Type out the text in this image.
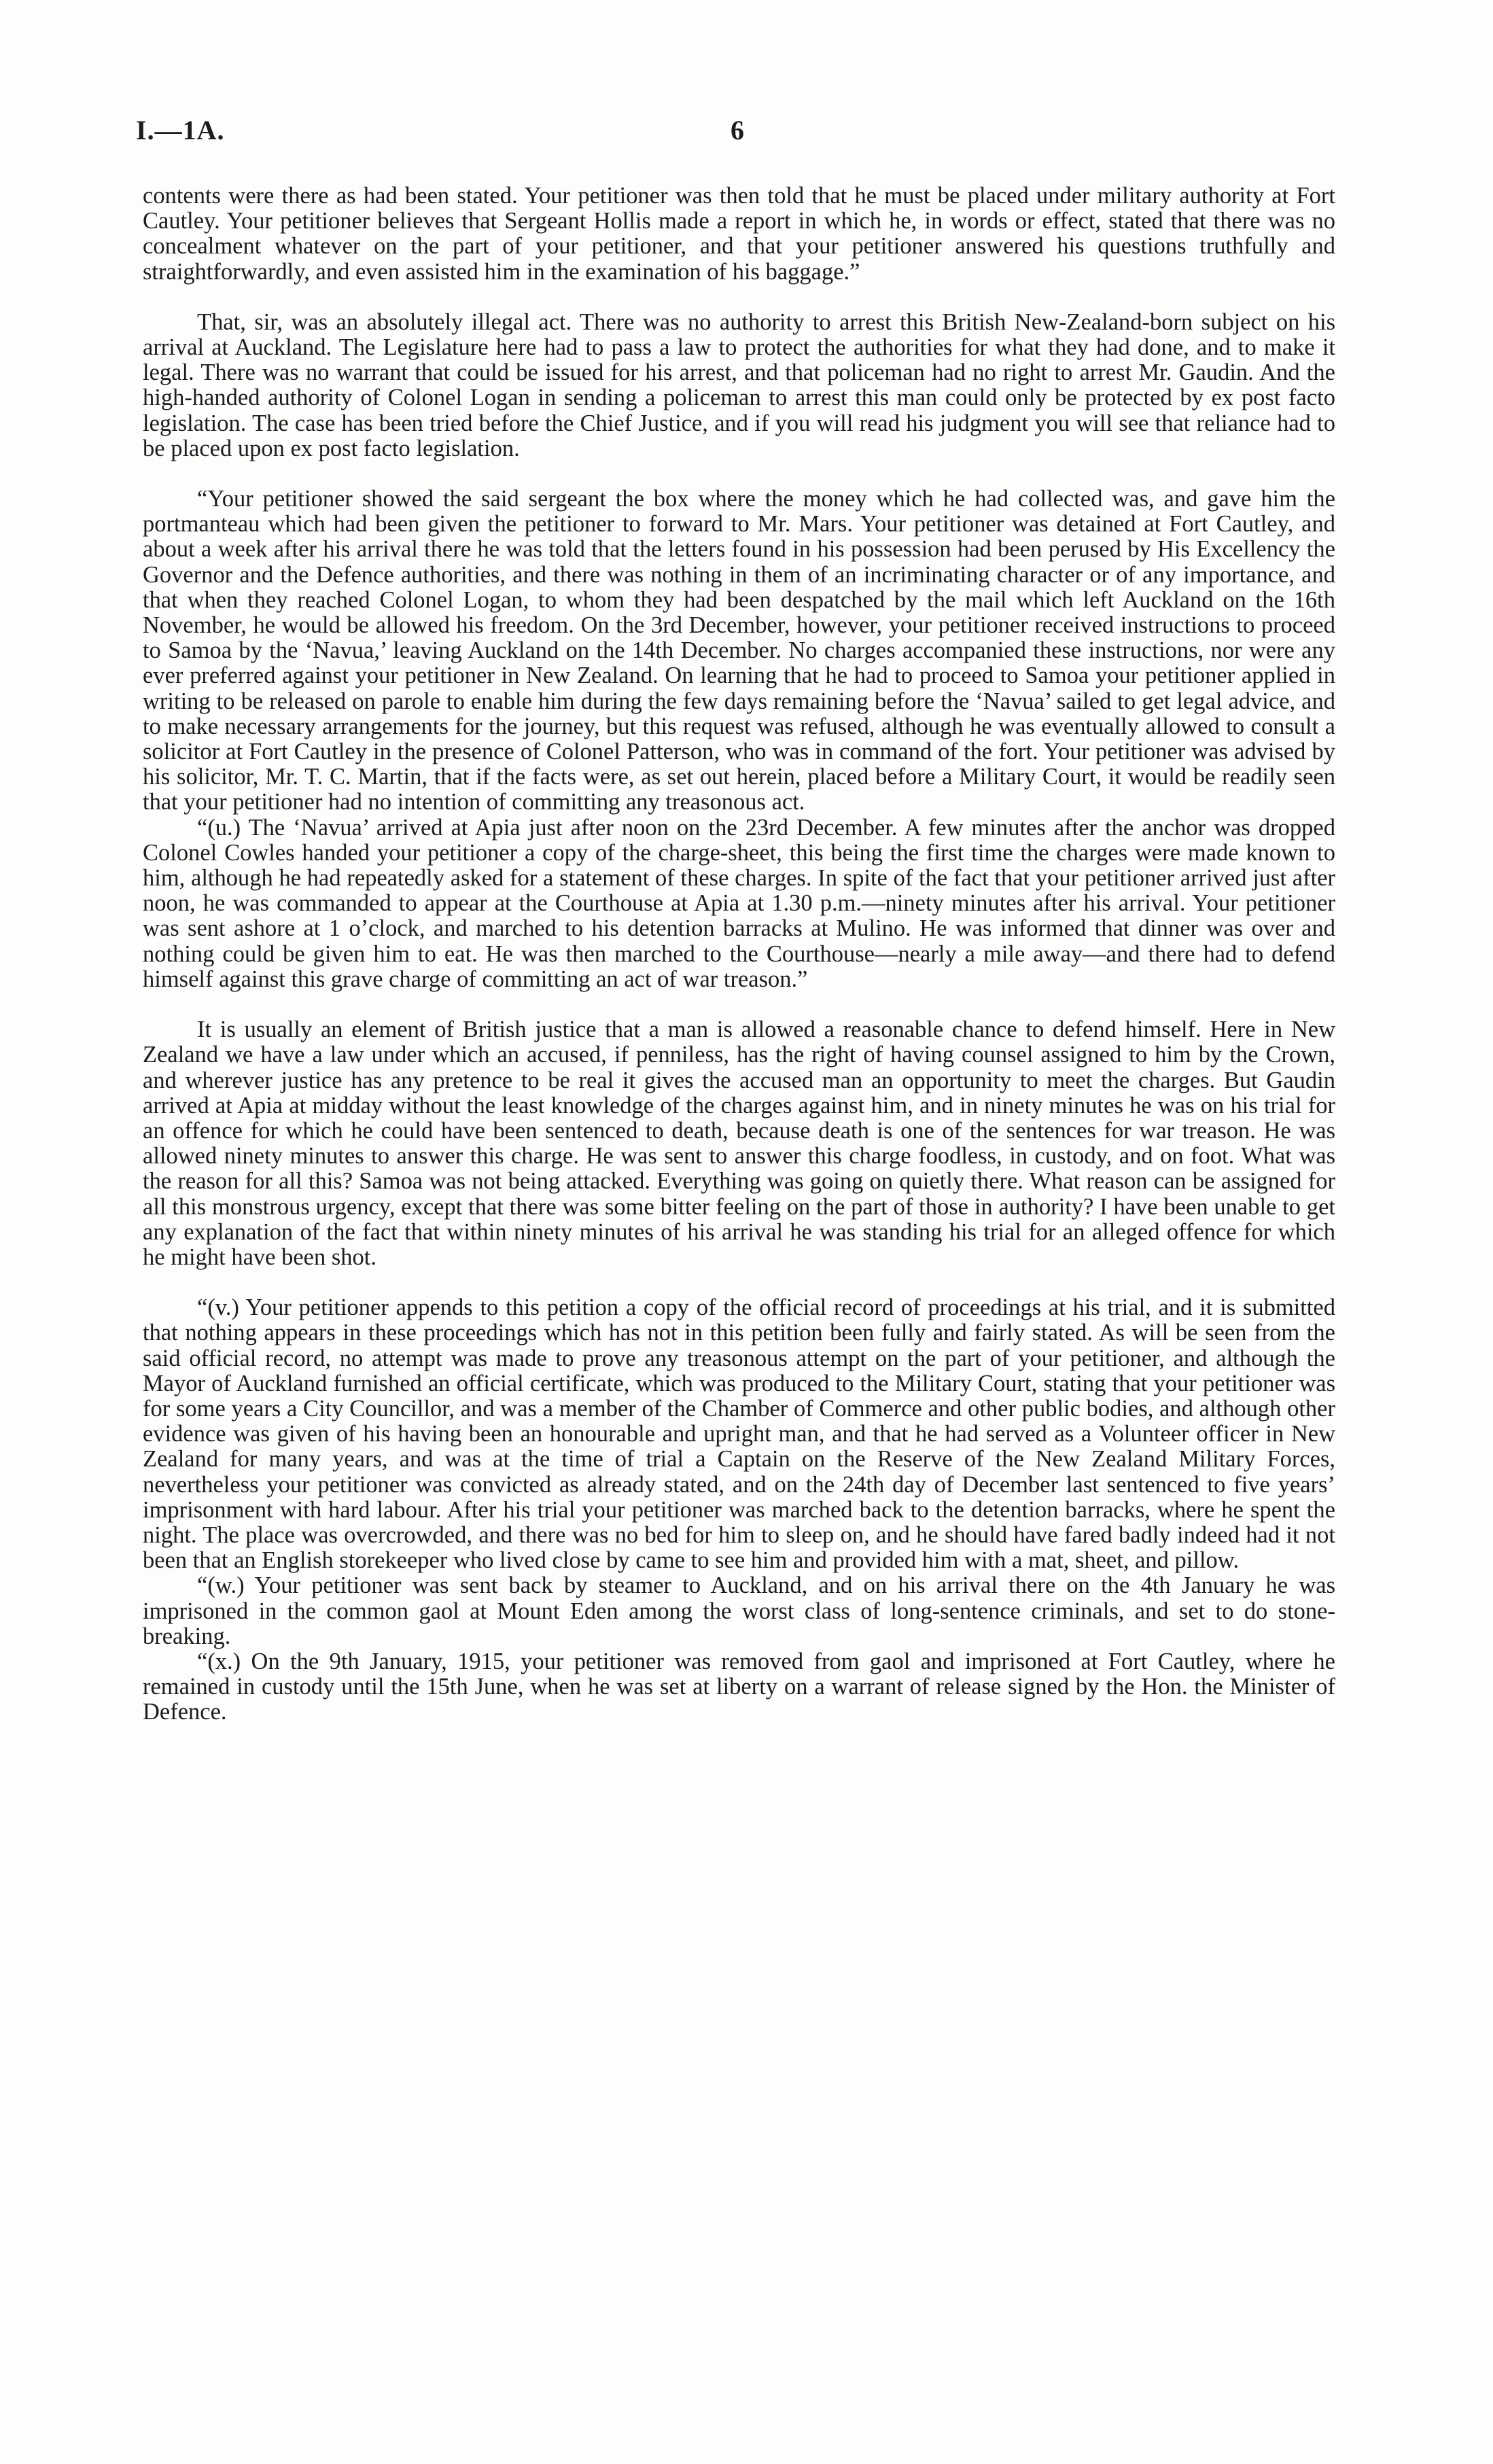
I.—1A.	6

contents were there as had been stated. Your petitioner was then told that he must be placed under military authority at Fort Cautley. Your petitioner believes that Sergeant Hollis made a report in which he, in words or effect, stated that there was no concealment whatever on the part of your petitioner, and that your petitioner answered his questions truthfully and straightforwardly, and even assisted him in the examination of his baggage.”

That, sir, was an absolutely illegal act. There was no authority to arrest this British New-Zealand-born subject on his arrival at Auckland. The Legislature here had to pass a law to protect the authorities for what they had done, and to make it legal. There was no warrant that could be issued for his arrest, and that policeman had no right to arrest Mr. Gaudin. And the high-handed authority of Colonel Logan in sending a policeman to arrest this man could only be protected by ex post facto legislation. The case has been tried before the Chief Justice, and if you will read his judgment you will see that reliance had to be placed upon ex post facto legislation.

“Your petitioner showed the said sergeant the box where the money which he had collected was, and gave him the portmanteau which had been given the petitioner to forward to Mr. Mars. Your petitioner was detained at Fort Cautley, and about a week after his arrival there he was told that the letters found in his possession had been perused by His Excellency the Governor and the Defence authorities, and there was nothing in them of an incriminating character or of any importance, and that when they reached Colonel Logan, to whom they had been despatched by the mail which left Auckland on the 16th November, he would be allowed his freedom. On the 3rd December, however, your petitioner received instructions to proceed to Samoa by the ‘Navua,’ leaving Auckland on the 14th December. No charges accompanied these instructions, nor were any ever preferred against your petitioner in New Zealand. On learning that he had to proceed to Samoa your petitioner applied in writing to be released on parole to enable him during the few days remaining before the ‘Navua’ sailed to get legal advice, and to make necessary arrangements for the journey, but this request was refused, although he was eventually allowed to consult a solicitor at Fort Cautley in the presence of Colonel Patterson, who was in command of the fort. Your petitioner was advised by his solicitor, Mr. T. C. Martin, that if the facts were, as set out herein, placed before a Military Court, it would be readily seen that your petitioner had no intention of committing any treasonous act.

“(u.) The ‘Navua’ arrived at Apia just after noon on the 23rd December. A few minutes after the anchor was dropped Colonel Cowles handed your petitioner a copy of the charge-sheet, this being the first time the charges were made known to him, although he had repeatedly asked for a statement of these charges. In spite of the fact that your petitioner arrived just after noon, he was commanded to appear at the Courthouse at Apia at 1.30 p.m.—ninety minutes after his arrival. Your petitioner was sent ashore at 1 o’clock, and marched to his detention barracks at Mulino. He was informed that dinner was over and nothing could be given him to eat. He was then marched to the Courthouse—nearly a mile away—and there had to defend himself against this grave charge of committing an act of war treason.”

It is usually an element of British justice that a man is allowed a reasonable chance to defend himself. Here in New Zealand we have a law under which an accused, if penniless, has the right of having counsel assigned to him by the Crown, and wherever justice has any pretence to be real it gives the accused man an opportunity to meet the charges. But Gaudin arrived at Apia at midday without the least knowledge of the charges against him, and in ninety minutes he was on his trial for an offence for which he could have been sentenced to death, because death is one of the sentences for war treason. He was allowed ninety minutes to answer this charge. He was sent to answer this charge foodless, in custody, and on foot. What was the reason for all this? Samoa was not being attacked. Everything was going on quietly there. What reason can be assigned for all this monstrous urgency, except that there was some bitter feeling on the part of those in authority? I have been unable to get any explanation of the fact that within ninety minutes of his arrival he was standing his trial for an alleged offence for which he might have been shot.

“(v.) Your petitioner appends to this petition a copy of the official record of proceedings at his trial, and it is submitted that nothing appears in these proceedings which has not in this petition been fully and fairly stated. As will be seen from the said official record, no attempt was made to prove any treasonous attempt on the part of your petitioner, and although the Mayor of Auckland furnished an official certificate, which was produced to the Military Court, stating that your petitioner was for some years a City Councillor, and was a member of the Chamber of Commerce and other public bodies, and although other evidence was given of his having been an honourable and upright man, and that he had served as a Volunteer officer in New Zealand for many years, and was at the time of trial a Captain on the Reserve of the New Zealand Military Forces, nevertheless your petitioner was convicted as already stated, and on the 24th day of December last sentenced to five years’ imprisonment with hard labour. After his trial your petitioner was marched back to the detention barracks, where he spent the night. The place was overcrowded, and there was no bed for him to sleep on, and he should have fared badly indeed had it not been that an English storekeeper who lived close by came to see him and provided him with a mat, sheet, and pillow.

“(w.) Your petitioner was sent back by steamer to Auckland, and on his arrival there on the 4th January he was imprisoned in the common gaol at Mount Eden among the worst class of long-sentence criminals, and set to do stone-breaking.

“(x.) On the 9th January, 1915, your petitioner was removed from gaol and imprisoned at Fort Cautley, where he remained in custody until the 15th June, when he was set at liberty on a warrant of release signed by the Hon. the Minister of Defence.
